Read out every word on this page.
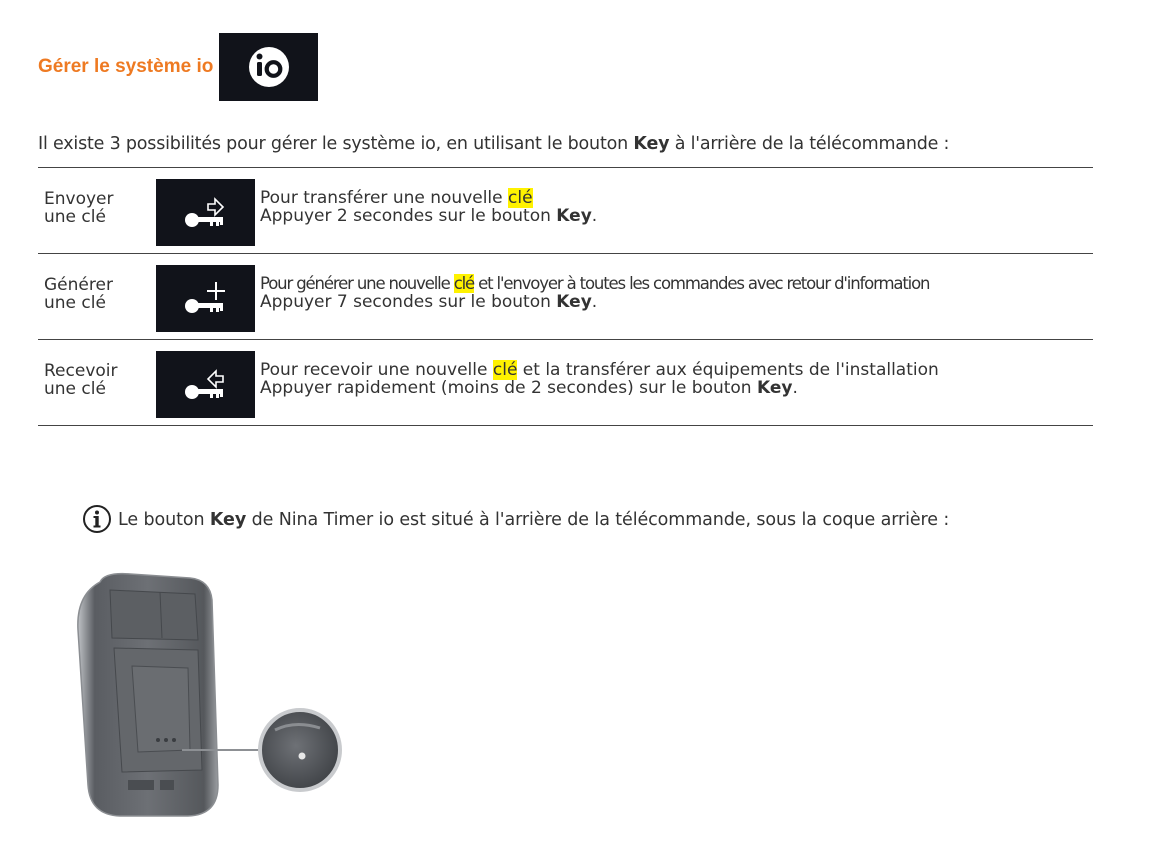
Gérer le système io
Il existe 3 possibilités pour gérer le système io, en utilisant le bouton Key à l'arrière de la télécommande :
Envoyer
une clé
Pour transférer une nouvelle clé
Appuyer 2 secondes sur le bouton Key.
Générer
une clé
Pour générer une nouvelle clé et l'envoyer à toutes les commandes avec retour d'information
Appuyer 7 secondes sur le bouton Key.
Recevoir
une clé
Pour recevoir une nouvelle clé et la transférer aux équipements de l'installation
Appuyer rapidement (moins de 2 secondes) sur le bouton Key.
Le bouton Key de Nina Timer io est situé à l'arrière de la télécommande, sous la coque arrière :
